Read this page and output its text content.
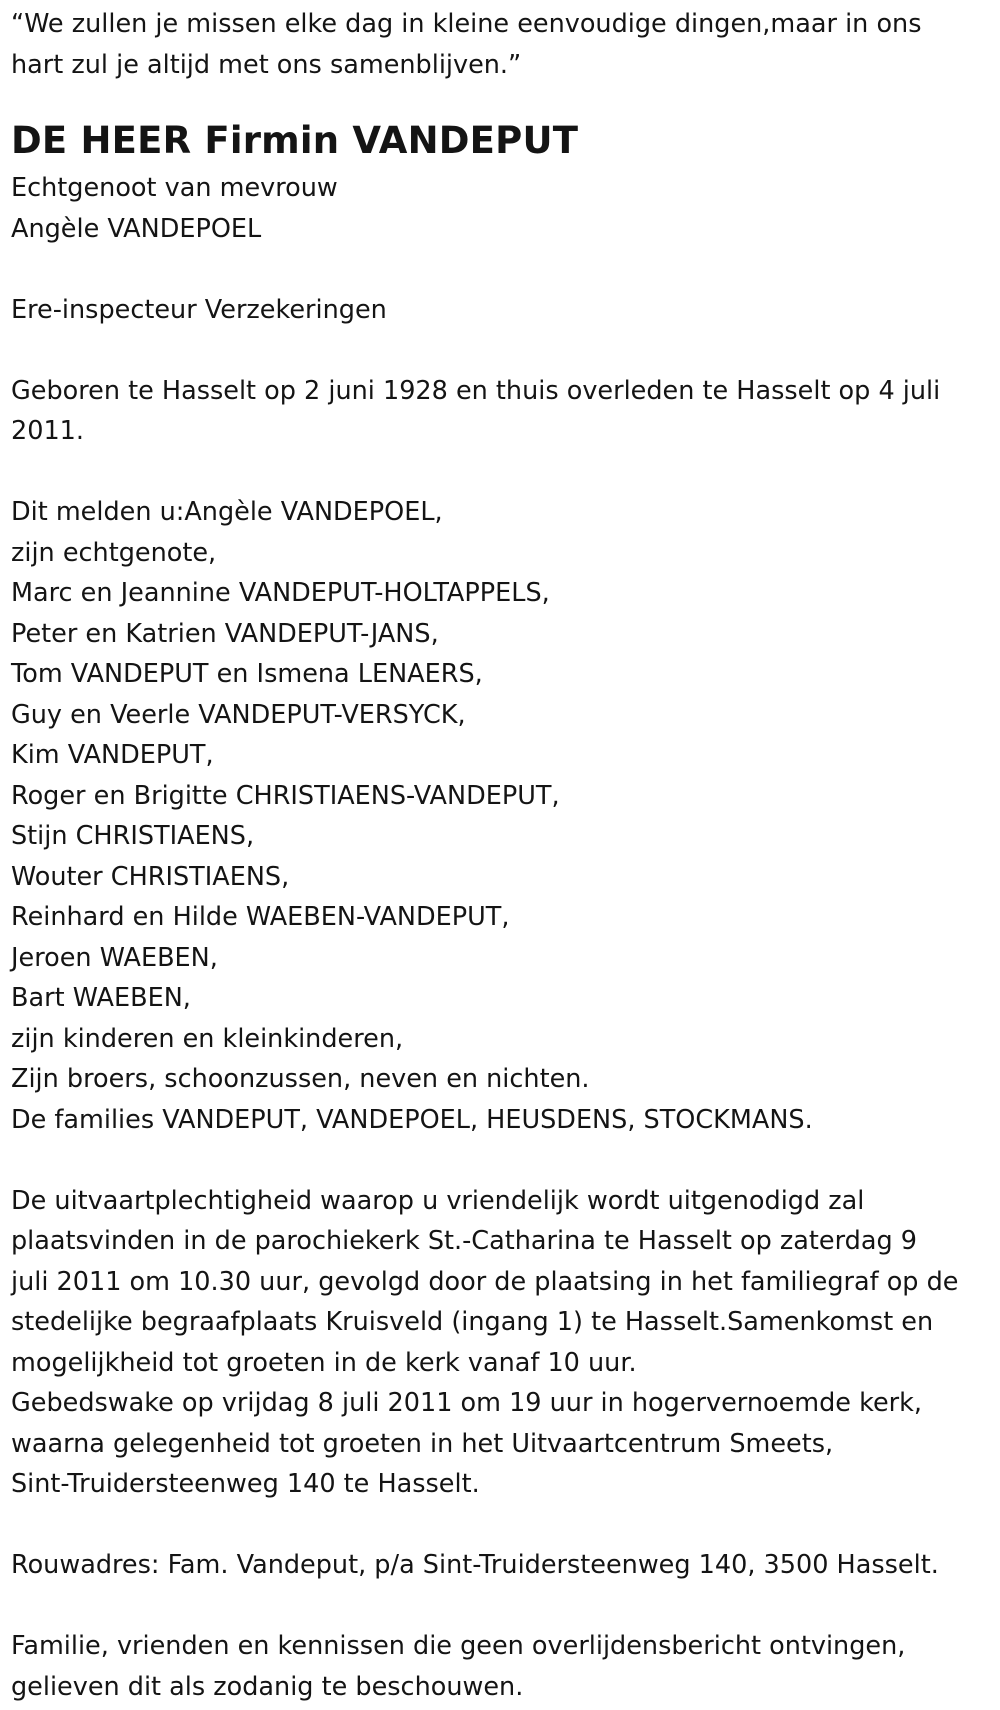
“We zullen je missen elke dag in kleine eenvoudige dingen,maar in ons
hart zul je altijd met ons samenblijven.”
DE HEER Firmin VANDEPUT
Echtgenoot van mevrouw
Angèle VANDEPOEL
Ere-inspecteur Verzekeringen
Geboren te Hasselt op 2 juni 1928 en thuis overleden te Hasselt op 4 juli
2011.
Dit melden u:Angèle VANDEPOEL,
zijn echtgenote,
Marc en Jeannine VANDEPUT-HOLTAPPELS,
Peter en Katrien VANDEPUT-JANS,
Tom VANDEPUT en Ismena LENAERS,
Guy en Veerle VANDEPUT-VERSYCK,
Kim VANDEPUT,
Roger en Brigitte CHRISTIAENS-VANDEPUT,
Stijn CHRISTIAENS,
Wouter CHRISTIAENS,
Reinhard en Hilde WAEBEN-VANDEPUT,
Jeroen WAEBEN,
Bart WAEBEN,
zijn kinderen en kleinkinderen,
Zijn broers, schoonzussen, neven en nichten.
De families VANDEPUT, VANDEPOEL, HEUSDENS, STOCKMANS.
De uitvaartplechtigheid waarop u vriendelijk wordt uitgenodigd zal
plaatsvinden in de parochiekerk St.-Catharina te Hasselt op zaterdag 9
juli 2011 om 10.30 uur, gevolgd door de plaatsing in het familiegraf op de
stedelijke begraafplaats Kruisveld (ingang 1) te Hasselt.Samenkomst en
mogelijkheid tot groeten in de kerk vanaf 10 uur.
Gebedswake op vrijdag 8 juli 2011 om 19 uur in hogervernoemde kerk,
waarna gelegenheid tot groeten in het Uitvaartcentrum Smeets,
Sint-Truidersteenweg 140 te Hasselt.
Rouwadres: Fam. Vandeput, p/a Sint-Truidersteenweg 140, 3500 Hasselt.
Familie, vrienden en kennissen die geen overlijdensbericht ontvingen,
gelieven dit als zodanig te beschouwen.
